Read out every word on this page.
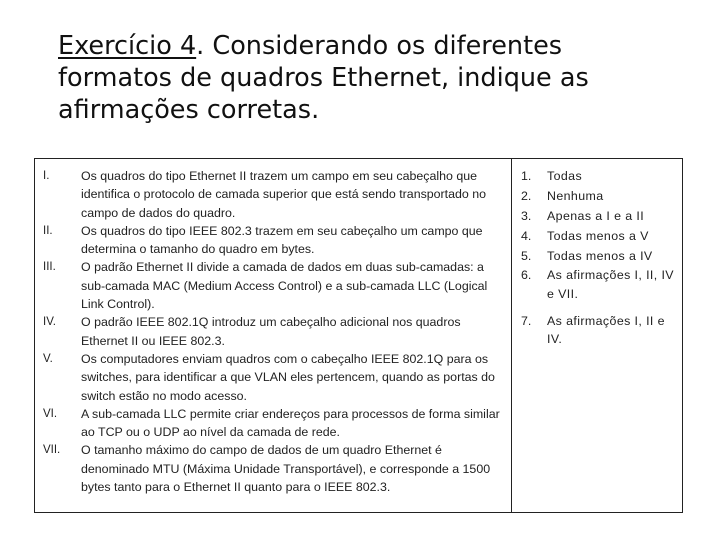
Exercício 4. Considerando os diferentes formatos de quadros Ethernet, indique as afirmações corretas.
I.	Os quadros do tipo Ethernet II trazem um campo em seu cabeçalho que identifica o protocolo de camada superior que está sendo transportado no campo de dados do quadro.
II.	Os quadros do tipo IEEE 802.3 trazem em seu cabeçalho um campo que determina o tamanho do quadro em bytes.
III.	O padrão Ethernet II divide a camada de dados em duas sub-camadas: a sub-camada MAC (Medium Access Control) e a sub-camada LLC (Logical Link Control).
IV.	O padrão IEEE 802.1Q introduz um cabeçalho adicional nos quadros Ethernet II ou IEEE 802.3.
V.	Os computadores enviam quadros com o cabeçalho IEEE 802.1Q para os switches, para identificar a que VLAN eles pertencem, quando as portas do switch estão no modo acesso.
VI.	A sub-camada LLC permite criar endereços para processos de forma similar ao TCP ou o UDP ao nível da camada de rede.
VII.	O tamanho máximo do campo de dados de um quadro Ethernet é denominado MTU (Máxima Unidade Transportável), e corresponde a 1500 bytes tanto para o Ethernet II quanto para o IEEE 802.3.
1.	Todas
2.	Nenhuma
3.	Apenas a I e a II
4.	Todas menos a V
5.	Todas menos a IV
6.	As afirmações I, II, IV e VII.
7.	As afirmações I, II e IV.
